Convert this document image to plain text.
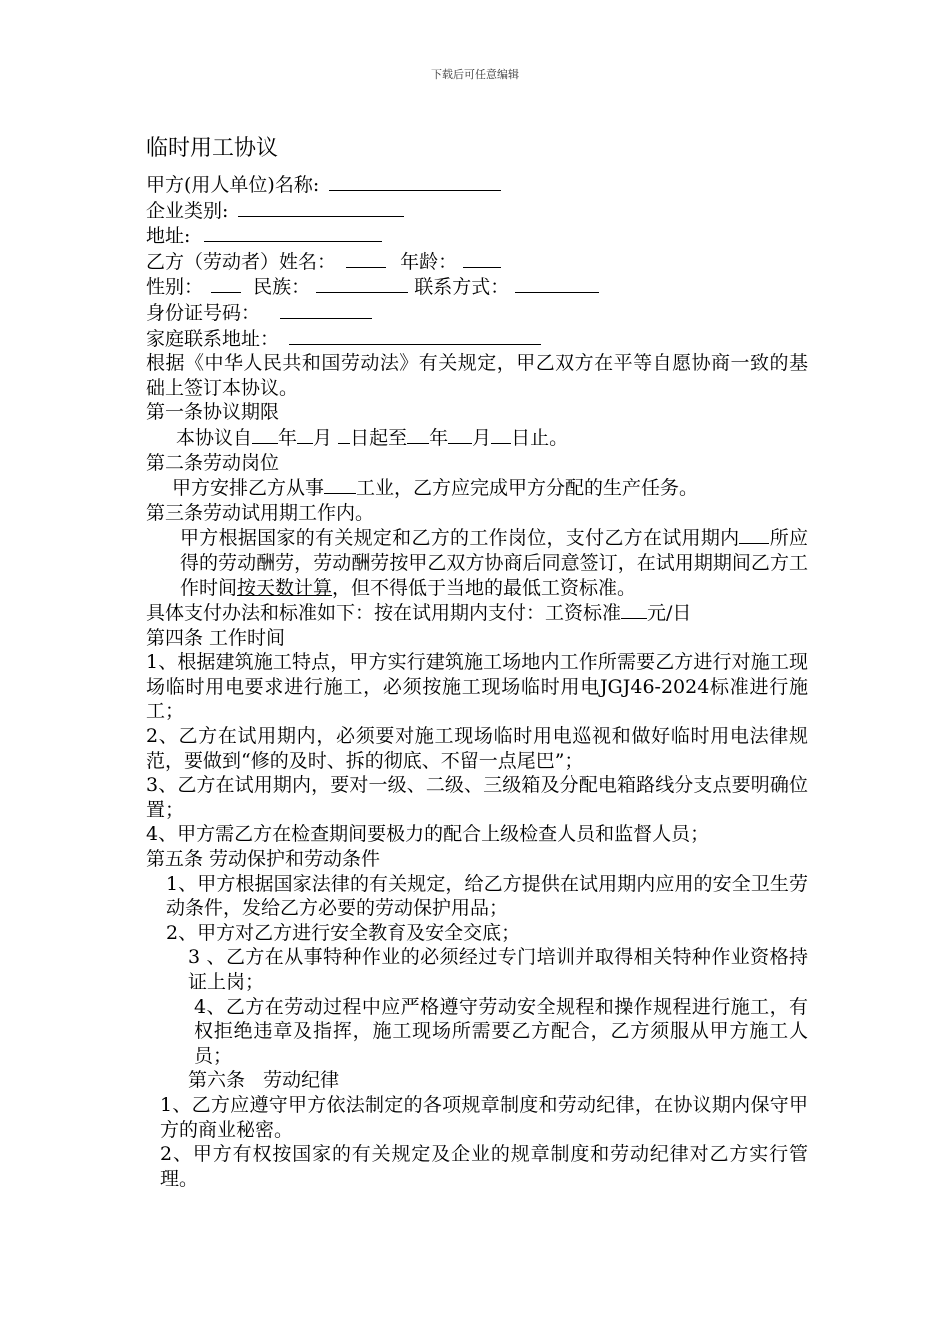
下载后可任意编辑
临时用工协议
甲方(用人单位)名称:
企业类别:
地址:
乙方（劳动者）姓名：	年龄：
性别：	民族：	联系方式：
身份证号码：
家庭联系地址：
根据《中华人民共和国劳动法》有关规定，甲乙双方在平等自愿协商一致的基础上签订本协议。
第一条协议期限
本协议自 年 月 日起至 年 月 日止。
第二条劳动岗位
甲方安排乙方从事 工业，乙方应完成甲方分配的生产任务。
第三条劳动试用期工作内。
甲方根据国家的有关规定和乙方的工作岗位，支付乙方在试用期内 所应得的劳动酬劳，劳动酬劳按甲乙双方协商后同意签订，在试用期期间乙方工作时间按天数计算，但不得低于当地的最低工资标准。
具体支付办法和标准如下：按在试用期内支付：工资标准 元/日
第四条 工作时间
1、根据建筑施工特点，甲方实行建筑施工场地内工作所需要乙方进行对施工现场临时用电要求进行施工，必须按施工现场临时用电JGJ46-2024标准进行施工；
2、乙方在试用期内，必须要对施工现场临时用电巡视和做好临时用电法律规范，要做到“修的及时、拆的彻底、不留一点尾巴”；
3、乙方在试用期内，要对一级、二级、三级箱及分配电箱路线分支点要明确位置；
4、甲方需乙方在检查期间要极力的配合上级检查人员和监督人员；
第五条 劳动保护和劳动条件
1、甲方根据国家法律的有关规定，给乙方提供在试用期内应用的安全卫生劳动条件，发给乙方必要的劳动保护用品；
2、甲方对乙方进行安全教育及安全交底；
3 、乙方在从事特种作业的必须经过专门培训并取得相关特种作业资格持证上岗；
4、乙方在劳动过程中应严格遵守劳动安全规程和操作规程进行施工，有权拒绝违章及指挥，施工现场所需要乙方配合，乙方须服从甲方施工人员；
第六条   劳动纪律
1、乙方应遵守甲方依法制定的各项规章制度和劳动纪律，在协议期内保守甲方的商业秘密。
2、甲方有权按国家的有关规定及企业的规章制度和劳动纪律对乙方实行管理。
